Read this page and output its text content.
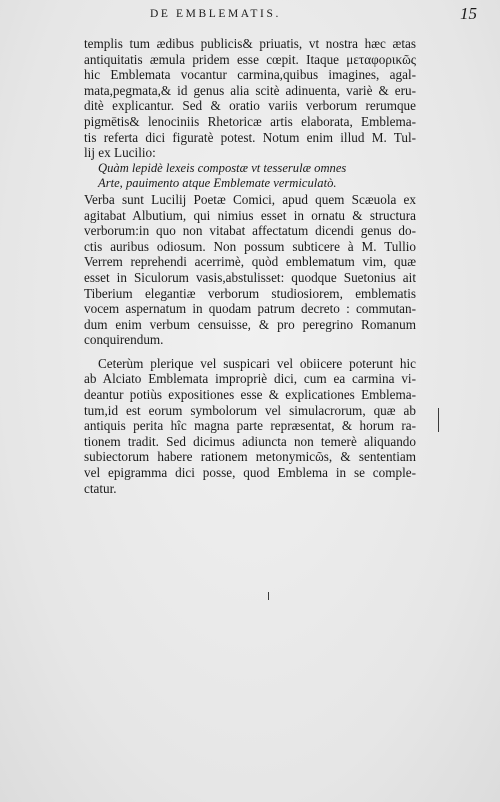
DE EMBLEMATIS.	15
templis tum ædibus publicis& priuatis, vt nostra hæc ætas
antiquitatis æmula pridem esse cœpit. Itaque μεταφορικῶς
hic Emblemata vocantur carmina,quibus imagines, agal-
mata,pegmata,& id genus alia scitè adinuenta, variè & eru-
ditè explicantur. Sed & oratio variis verborum rerumque
pigmētis& lenociniis Rhetoricæ artis elaborata, Emblema-
tis referta dici figuratè potest. Notum enim illud M. Tul-
lij ex Lucilio:
Quàm lepidè lexeis compostæ vt tesserulæ omnes
Arte, pauimento atque Emblemate vermiculatò.
Verba sunt Lucilij Poetæ Comici, apud quem Scæuola ex
agitabat Albutium, qui nimius esset in ornatu & structura
verborum:in quo non vitabat affectatum dicendi genus do-
ctis auribus odiosum. Non possum subticere à M. Tullio
Verrem reprehendi acerrimè, quòd emblematum vim, quæ
esset in Siculorum vasis,abstulisset: quodque Suetonius ait
Tiberium elegantiæ verborum studiosiorem, emblematis
vocem aspernatum in quodam patrum decreto : commutan-
dum enim verbum censuisse, & pro peregrino Romanum
conquirendum.
Ceterùm plerique vel suspicari vel obiicere poterunt hic
ab Alciato Emblemata impropriè dici, cum ea carmina vi-
deantur potiùs expositiones esse & explicationes Emblema-
tum,id est eorum symbolorum vel simulacrorum, quæ ab
antiquis perita hîc magna parte repræsentat, & horum ra-
tionem tradit. Sed dicimus adiuncta non temerè aliquando
subiectorum habere rationem metonymicῶs, & sententiam
vel epigramma dici posse, quod Emblema in se comple-
ctatur.
